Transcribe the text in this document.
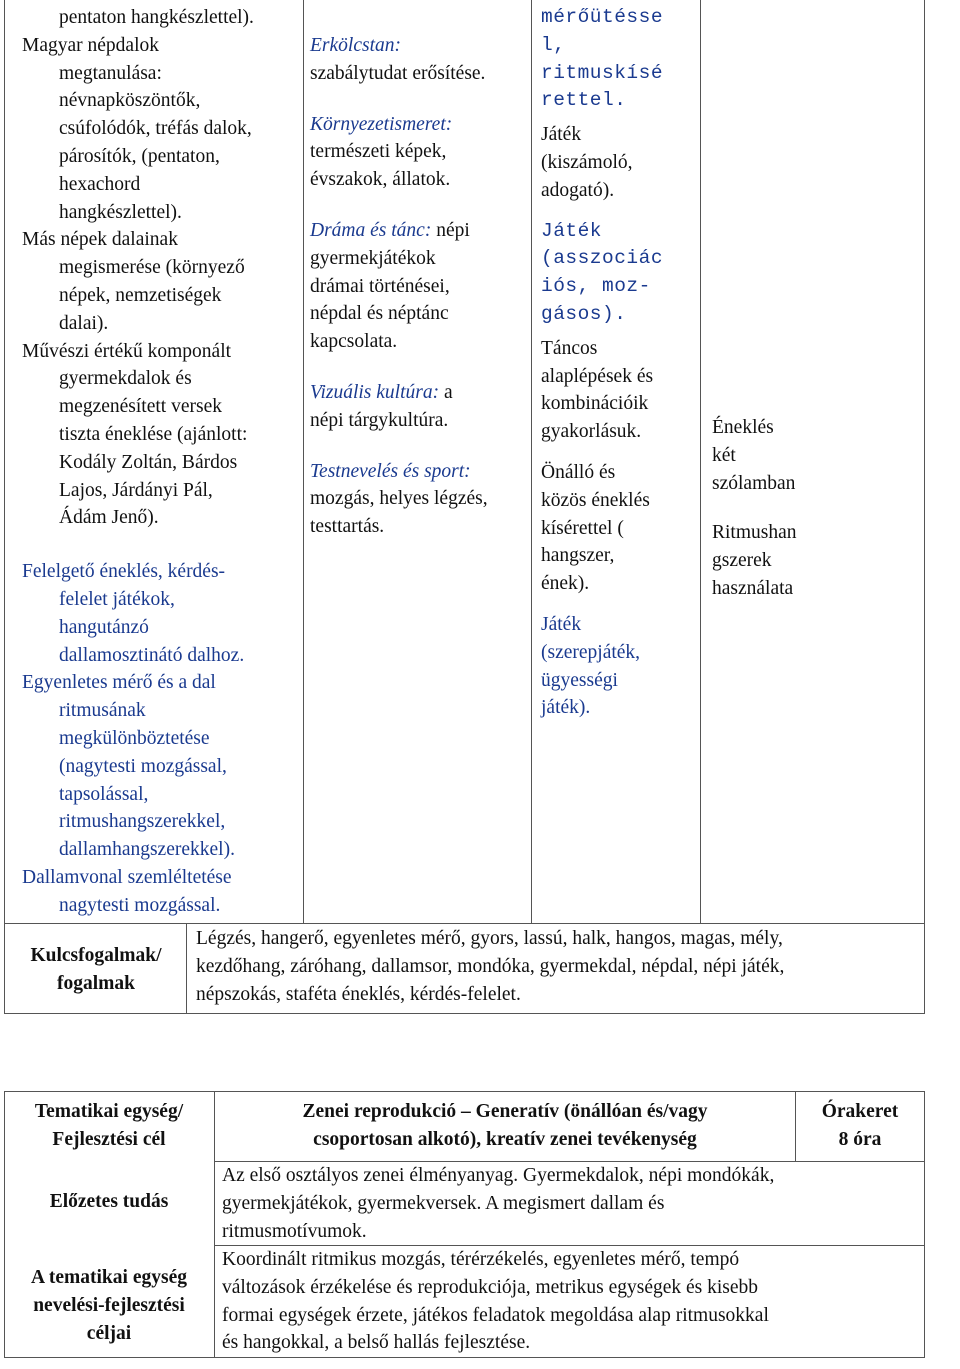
pentaton hangkészlettel).
Magyar népdalok
megtanulása:
névnapköszöntők,
csúfolódók, tréfás dalok,
párosítók, (pentaton,
hexachord
hangkészlettel).
Más népek dalainak
megismerése (környező
népek, nemzetiségek
dalai).
Művészi értékű komponált
gyermekdalok és
megzenésített versek
tiszta éneklése (ajánlott:
Kodály Zoltán, Bárdos
Lajos, Járdányi Pál,
Ádám Jenő).
Felelgető éneklés, kérdés-
felelet játékok,
hangutánzó
dallamosztinátó dalhoz.
Egyenletes mérő és a dal
ritmusának
megkülönböztetése
(nagytesti mozgással,
tapsolással,
ritmushangszerekkel,
dallamhangszerekkel).
Dallamvonal szemléltetése
nagytesti mozgással.
Erkölcstan:
szabálytudat erősítése.
Környezetismeret:
természeti képek,
évszakok, állatok.
Dráma és tánc: népi
gyermekjátékok
drámai történései,
népdal és néptánc
kapcsolata.
Vizuális kultúra: a
népi tárgykultúra.
Testnevelés és sport:
mozgás, helyes légzés,
testtartás.
mérőütésse
l,
ritmuskísé
rettel.
Játék
(kiszámoló,
adogató).
Játék
(asszociác
iós, moz-
gásos).
Táncos
alaplépések és
kombinációik
gyakorlásuk.
Önálló és
közös éneklés
kísérettel (
hangszer,
ének).
Játék
(szerepjáték,
ügyességi
játék).
Éneklés
két
szólamban
Ritmushan
gszerek
használata
Kulcsfogalmak/
fogalmak
Légzés, hangerő, egyenletes mérő, gyors, lassú, halk, hangos, magas, mély,
kezdőhang, záróhang, dallamsor, mondóka, gyermekdal, népdal, népi játék,
népszokás, staféta éneklés, kérdés-felelet.
Tematikai egység/
Fejlesztési cél
Zenei reprodukció – Generatív (önállóan és/vagy
csoportosan alkotó), kreatív zenei tevékenység
Órakeret
8 óra
Előzetes tudás
Az első osztályos zenei élményanyag. Gyermekdalok, népi mondókák,
gyermekjátékok, gyermekversek. A megismert dallam és
ritmusmotívumok.
A tematikai egység
nevelési-fejlesztési
céljai
Koordinált ritmikus mozgás, térérzékelés, egyenletes mérő, tempó
változások érzékelése és reprodukciója, metrikus egységek és kisebb
formai egységek érzete, játékos feladatok megoldása alap ritmusokkal
és hangokkal, a belső hallás fejlesztése.
